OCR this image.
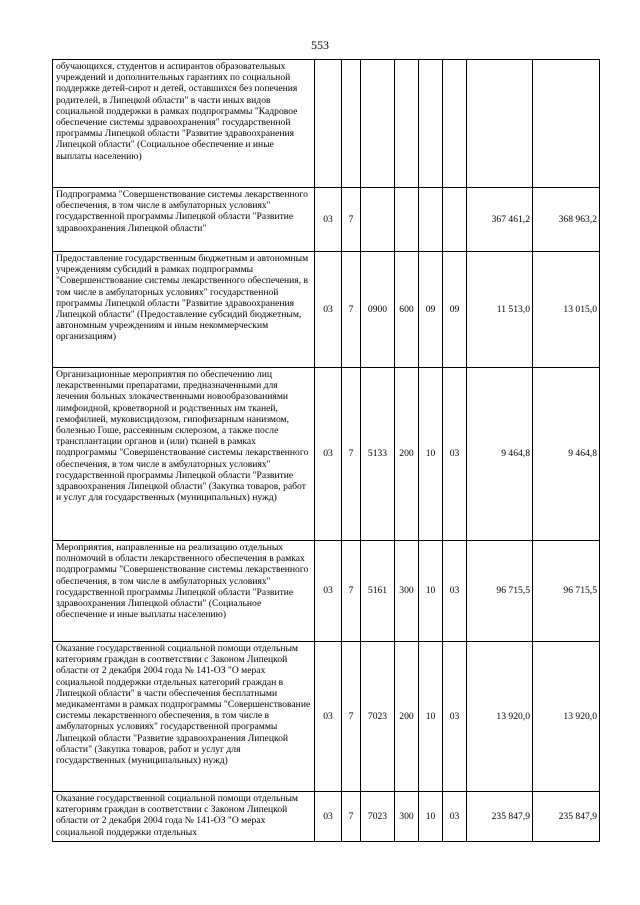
553
обучающихся, студентов и аспирантов образовательных учреждений и дополнительных гарантиях по социальной поддержке детей-сирот и детей, оставшихся без попечения родителей, в Липецкой области" в части иных видов социальной поддержки в рамках подпрограммы "Кадровое обеспечение системы здравоохранения" государственной программы Липецкой области "Развитие здравоохранения Липецкой области" (Социальное обеспечение и иные выплаты населению)								
Подпрограмма "Совершенствование системы лекарственного обеспечения, в том числе в амбулаторных условиях" государственной программы Липецкой области "Развитие здравоохранения Липецкой области"	03	7					367 461,2	368 963,2
Предоставление государственным бюджетным и автономным учреждениям субсидий в рамках подпрограммы "Совершенствование системы лекарственного обеспечения, в том числе в амбулаторных условиях" государственной программы Липецкой области "Развитие здравоохранения Липецкой области" (Предоставление субсидий бюджетным, автономным учреждениям и иным некоммерческим организациям)	03	7	0900	600	09	09	11 513,0	13 015,0
Организационные мероприятия по обеспечению лиц лекарственными препаратами, предназначенными для лечения больных злокачественными новообразованиями лимфоидной, кроветворной и родственных им тканей, гемофилией, муковисцидозом, гипофизарным нанизмом, болезнью Гоше, рассеянным склерозом, а также после трансплантации органов и (или) тканей в рамках подпрограммы "Совершенствование системы лекарственного обеспечения, в том числе в амбулаторных условиях" государственной программы Липецкой области "Развитие здравоохранения Липецкой области" (Закупка товаров, работ и услуг для государственных (муниципальных) нужд)	03	7	5133	200	10	03	9 464,8	9 464,8
Мероприятия, направленные на реализацию отдельных полномочий в области лекарственного обеспечения в рамках подпрограммы "Совершенствование системы лекарственного обеспечения, в том числе в амбулаторных условиях" государственной программы Липецкой области "Развитие здравоохранения Липецкой области" (Социальное обеспечение и иные выплаты населению)	03	7	5161	300	10	03	96 715,5	96 715,5
Оказание государственной социальной помощи отдельным категориям граждан в соответствии с Законом Липецкой области от 2 декабря 2004 года № 141-ОЗ "О мерах социальной поддержки отдельных категорий граждан в Липецкой области" в части обеспечения бесплатными медикаментами в рамках подпрограммы "Совершенствование системы лекарственного обеспечения, в том числе в амбулаторных условиях" государственной программы Липецкой области "Развитие здравоохранения Липецкой области" (Закупка товаров, работ и услуг для государственных (муниципальных) нужд)	03	7	7023	200	10	03	13 920,0	13 920,0
Оказание государственной социальной помощи отдельным категориям граждан в соответствии с Законом Липецкой области от 2 декабря 2004 года № 141-ОЗ "О мерах социальной поддержки отдельных	03	7	7023	300	10	03	235 847,9	235 847,9
